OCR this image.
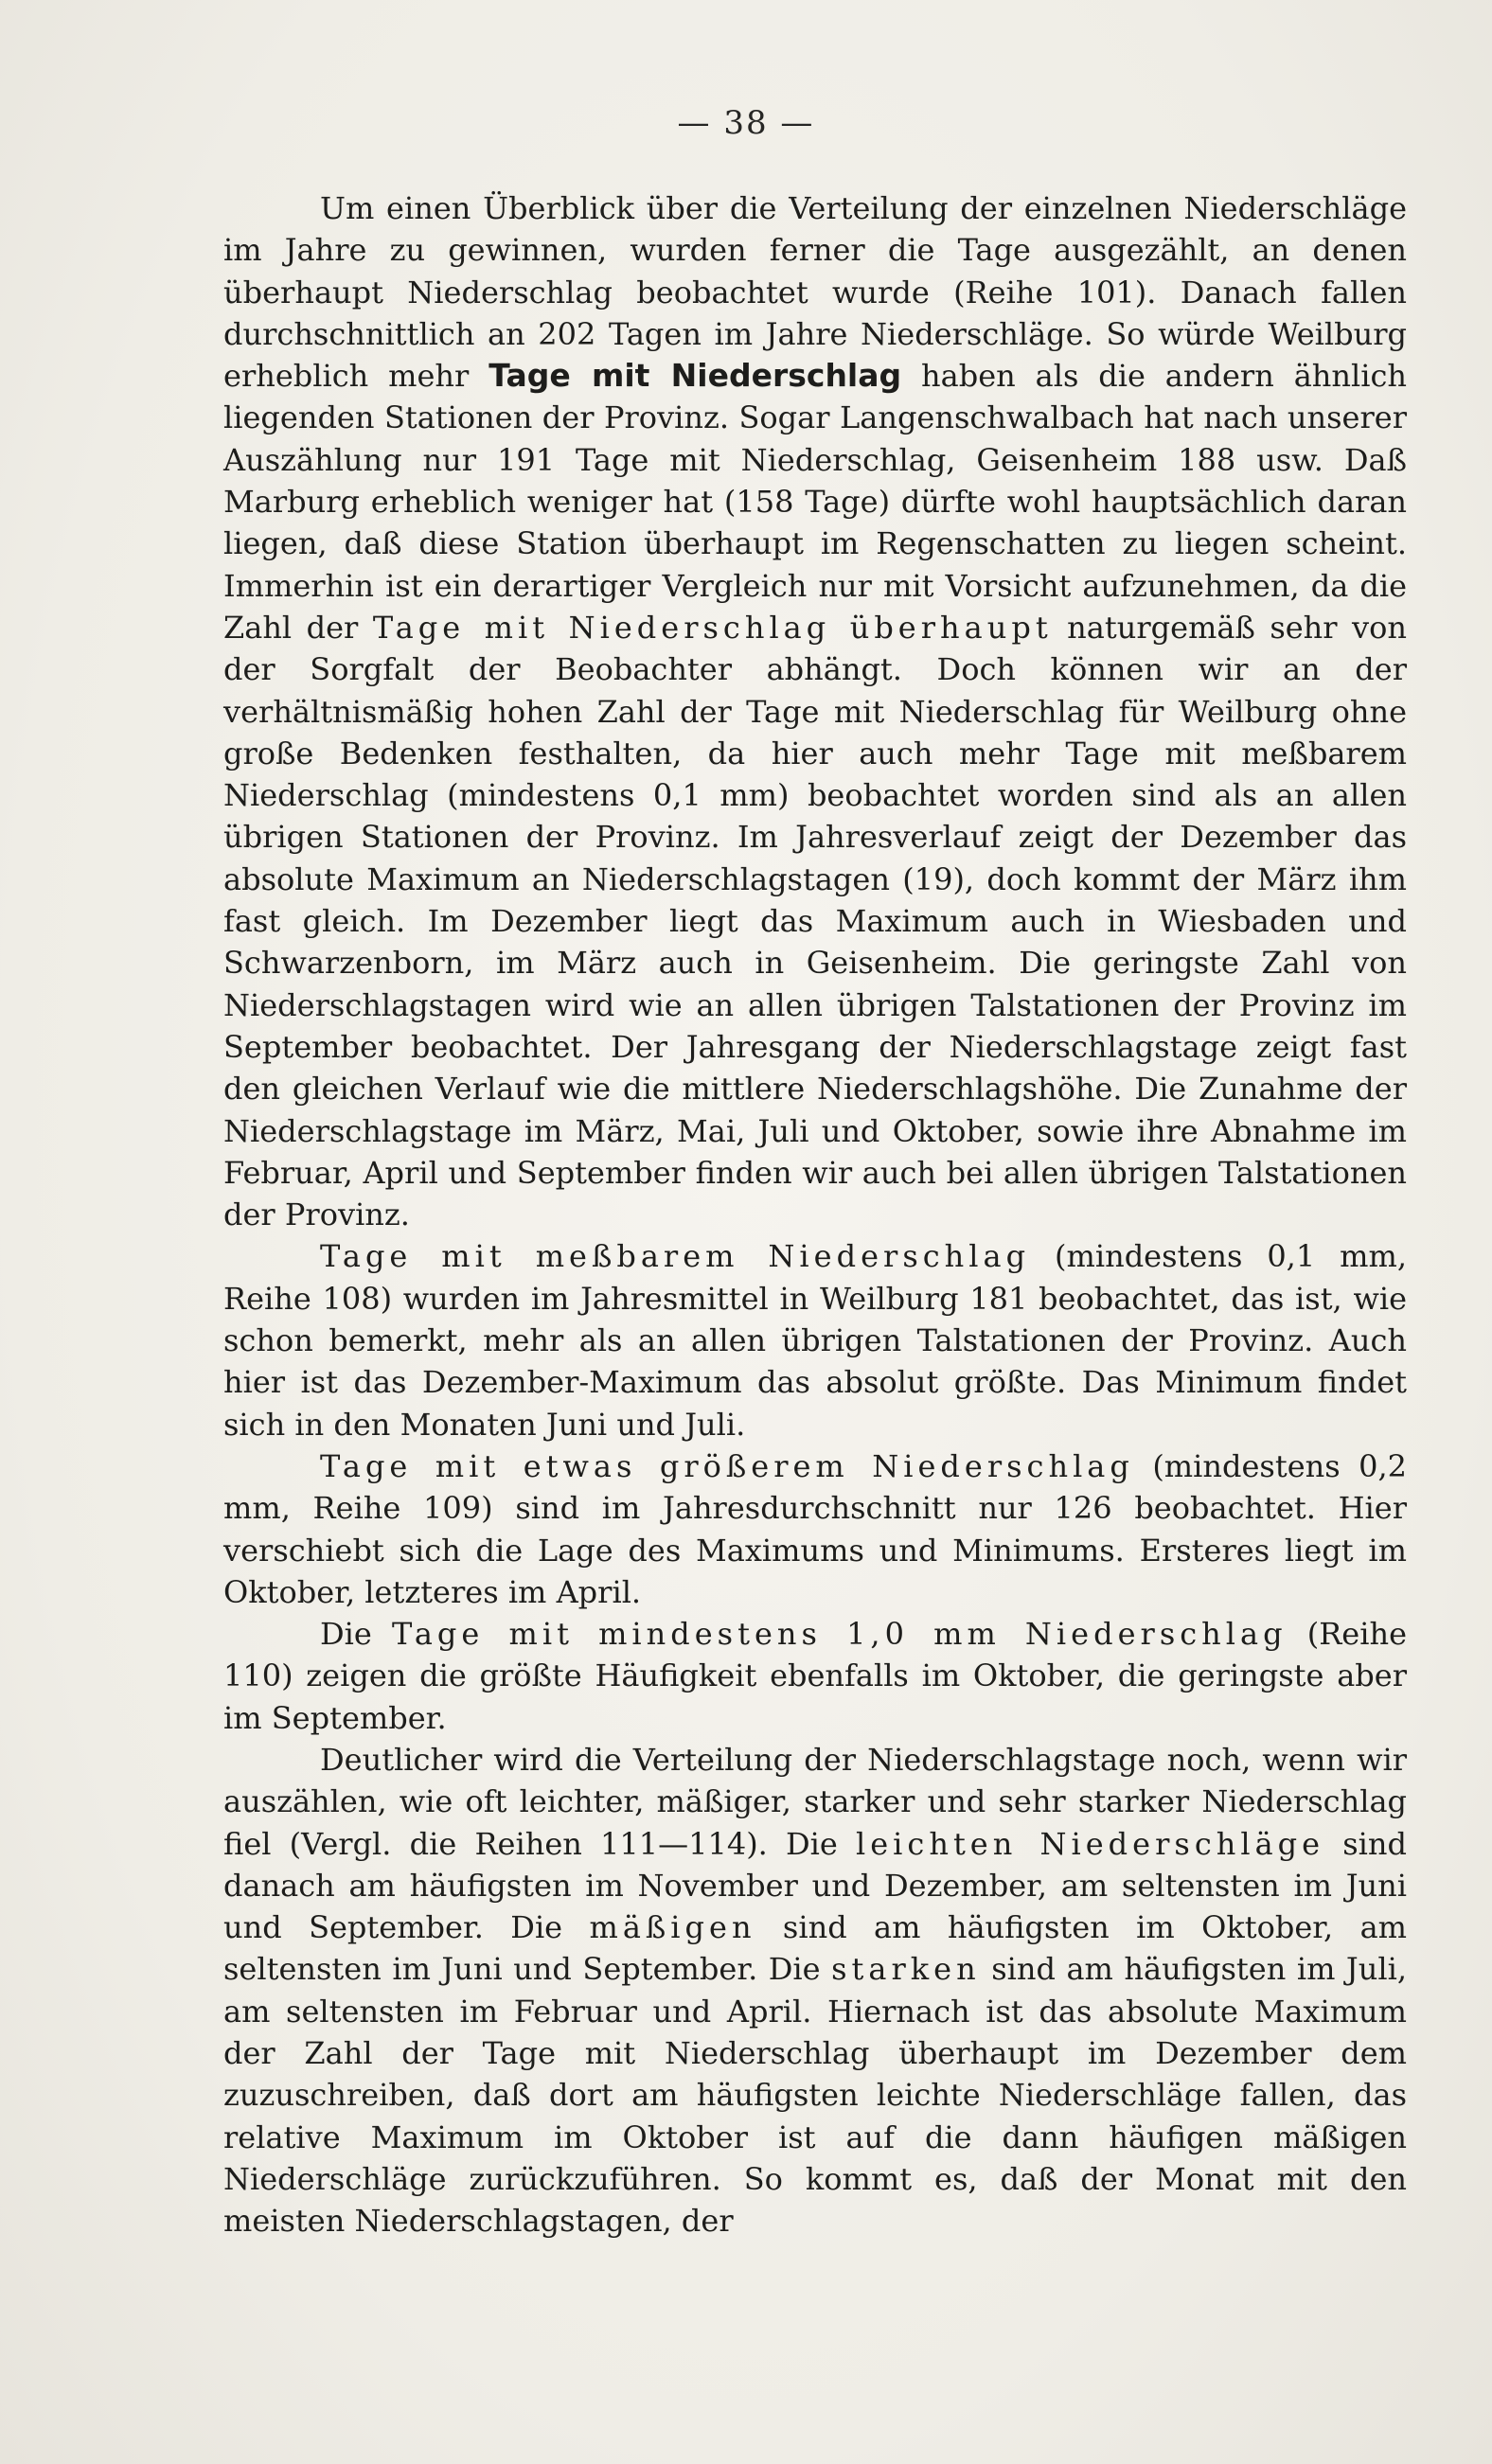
— 38 —

Um einen Überblick über die Verteilung der einzelnen Niederschläge im Jahre zu gewinnen, wurden ferner die Tage ausgezählt, an denen überhaupt Niederschlag beobachtet wurde (Reihe 101). Danach fallen durchschnittlich an 202 Tagen im Jahre Niederschläge. So würde Weilburg erheblich mehr Tage mit Niederschlag haben als die andern ähnlich liegenden Stationen der Provinz. Sogar Langenschwalbach hat nach unserer Auszählung nur 191 Tage mit Niederschlag, Geisenheim 188 usw. Daß Marburg erheblich weniger hat (158 Tage) dürfte wohl hauptsächlich daran liegen, daß diese Station überhaupt im Regenschatten zu liegen scheint. Immerhin ist ein derartiger Vergleich nur mit Vorsicht aufzunehmen, da die Zahl der Tage mit Niederschlag überhaupt naturgemäß sehr von der Sorgfalt der Beobachter abhängt. Doch können wir an der verhältnismäßig hohen Zahl der Tage mit Niederschlag für Weilburg ohne große Bedenken festhalten, da hier auch mehr Tage mit meßbarem Niederschlag (mindestens 0,1 mm) beobachtet worden sind als an allen übrigen Stationen der Provinz. Im Jahresverlauf zeigt der Dezember das absolute Maximum an Niederschlagstagen (19), doch kommt der März ihm fast gleich. Im Dezember liegt das Maximum auch in Wiesbaden und Schwarzenborn, im März auch in Geisenheim. Die geringste Zahl von Niederschlagstagen wird wie an allen übrigen Talstationen der Provinz im September beobachtet. Der Jahresgang der Niederschlagstage zeigt fast den gleichen Verlauf wie die mittlere Niederschlagshöhe. Die Zunahme der Niederschlagstage im März, Mai, Juli und Oktober, sowie ihre Abnahme im Februar, April und September finden wir auch bei allen übrigen Talstationen der Provinz.

Tage mit meßbarem Niederschlag (mindestens 0,1 mm, Reihe 108) wurden im Jahresmittel in Weilburg 181 beobachtet, das ist, wie schon bemerkt, mehr als an allen übrigen Talstationen der Provinz. Auch hier ist das Dezember-Maximum das absolut größte. Das Minimum findet sich in den Monaten Juni und Juli.

Tage mit etwas größerem Niederschlag (mindestens 0,2 mm, Reihe 109) sind im Jahresdurchschnitt nur 126 beobachtet. Hier verschiebt sich die Lage des Maximums und Minimums. Ersteres liegt im Oktober, letzteres im April.

Die Tage mit mindestens 1,0 mm Niederschlag (Reihe 110) zeigen die größte Häufigkeit ebenfalls im Oktober, die geringste aber im September.

Deutlicher wird die Verteilung der Niederschlagstage noch, wenn wir auszählen, wie oft leichter, mäßiger, starker und sehr starker Niederschlag fiel (Vergl. die Reihen 111—114). Die leichten Niederschläge sind danach am häufigsten im November und Dezember, am seltensten im Juni und September. Die mäßigen sind am häufigsten im Oktober, am seltensten im Juni und September. Die starken sind am häufigsten im Juli, am seltensten im Februar und April. Hiernach ist das absolute Maximum der Zahl der Tage mit Niederschlag überhaupt im Dezember dem zuzuschreiben, daß dort am häufigsten leichte Niederschläge fallen, das relative Maximum im Oktober ist auf die dann häufigen mäßigen Niederschläge zurückzuführen. So kommt es, daß der Monat mit den meisten Niederschlagstagen, der
